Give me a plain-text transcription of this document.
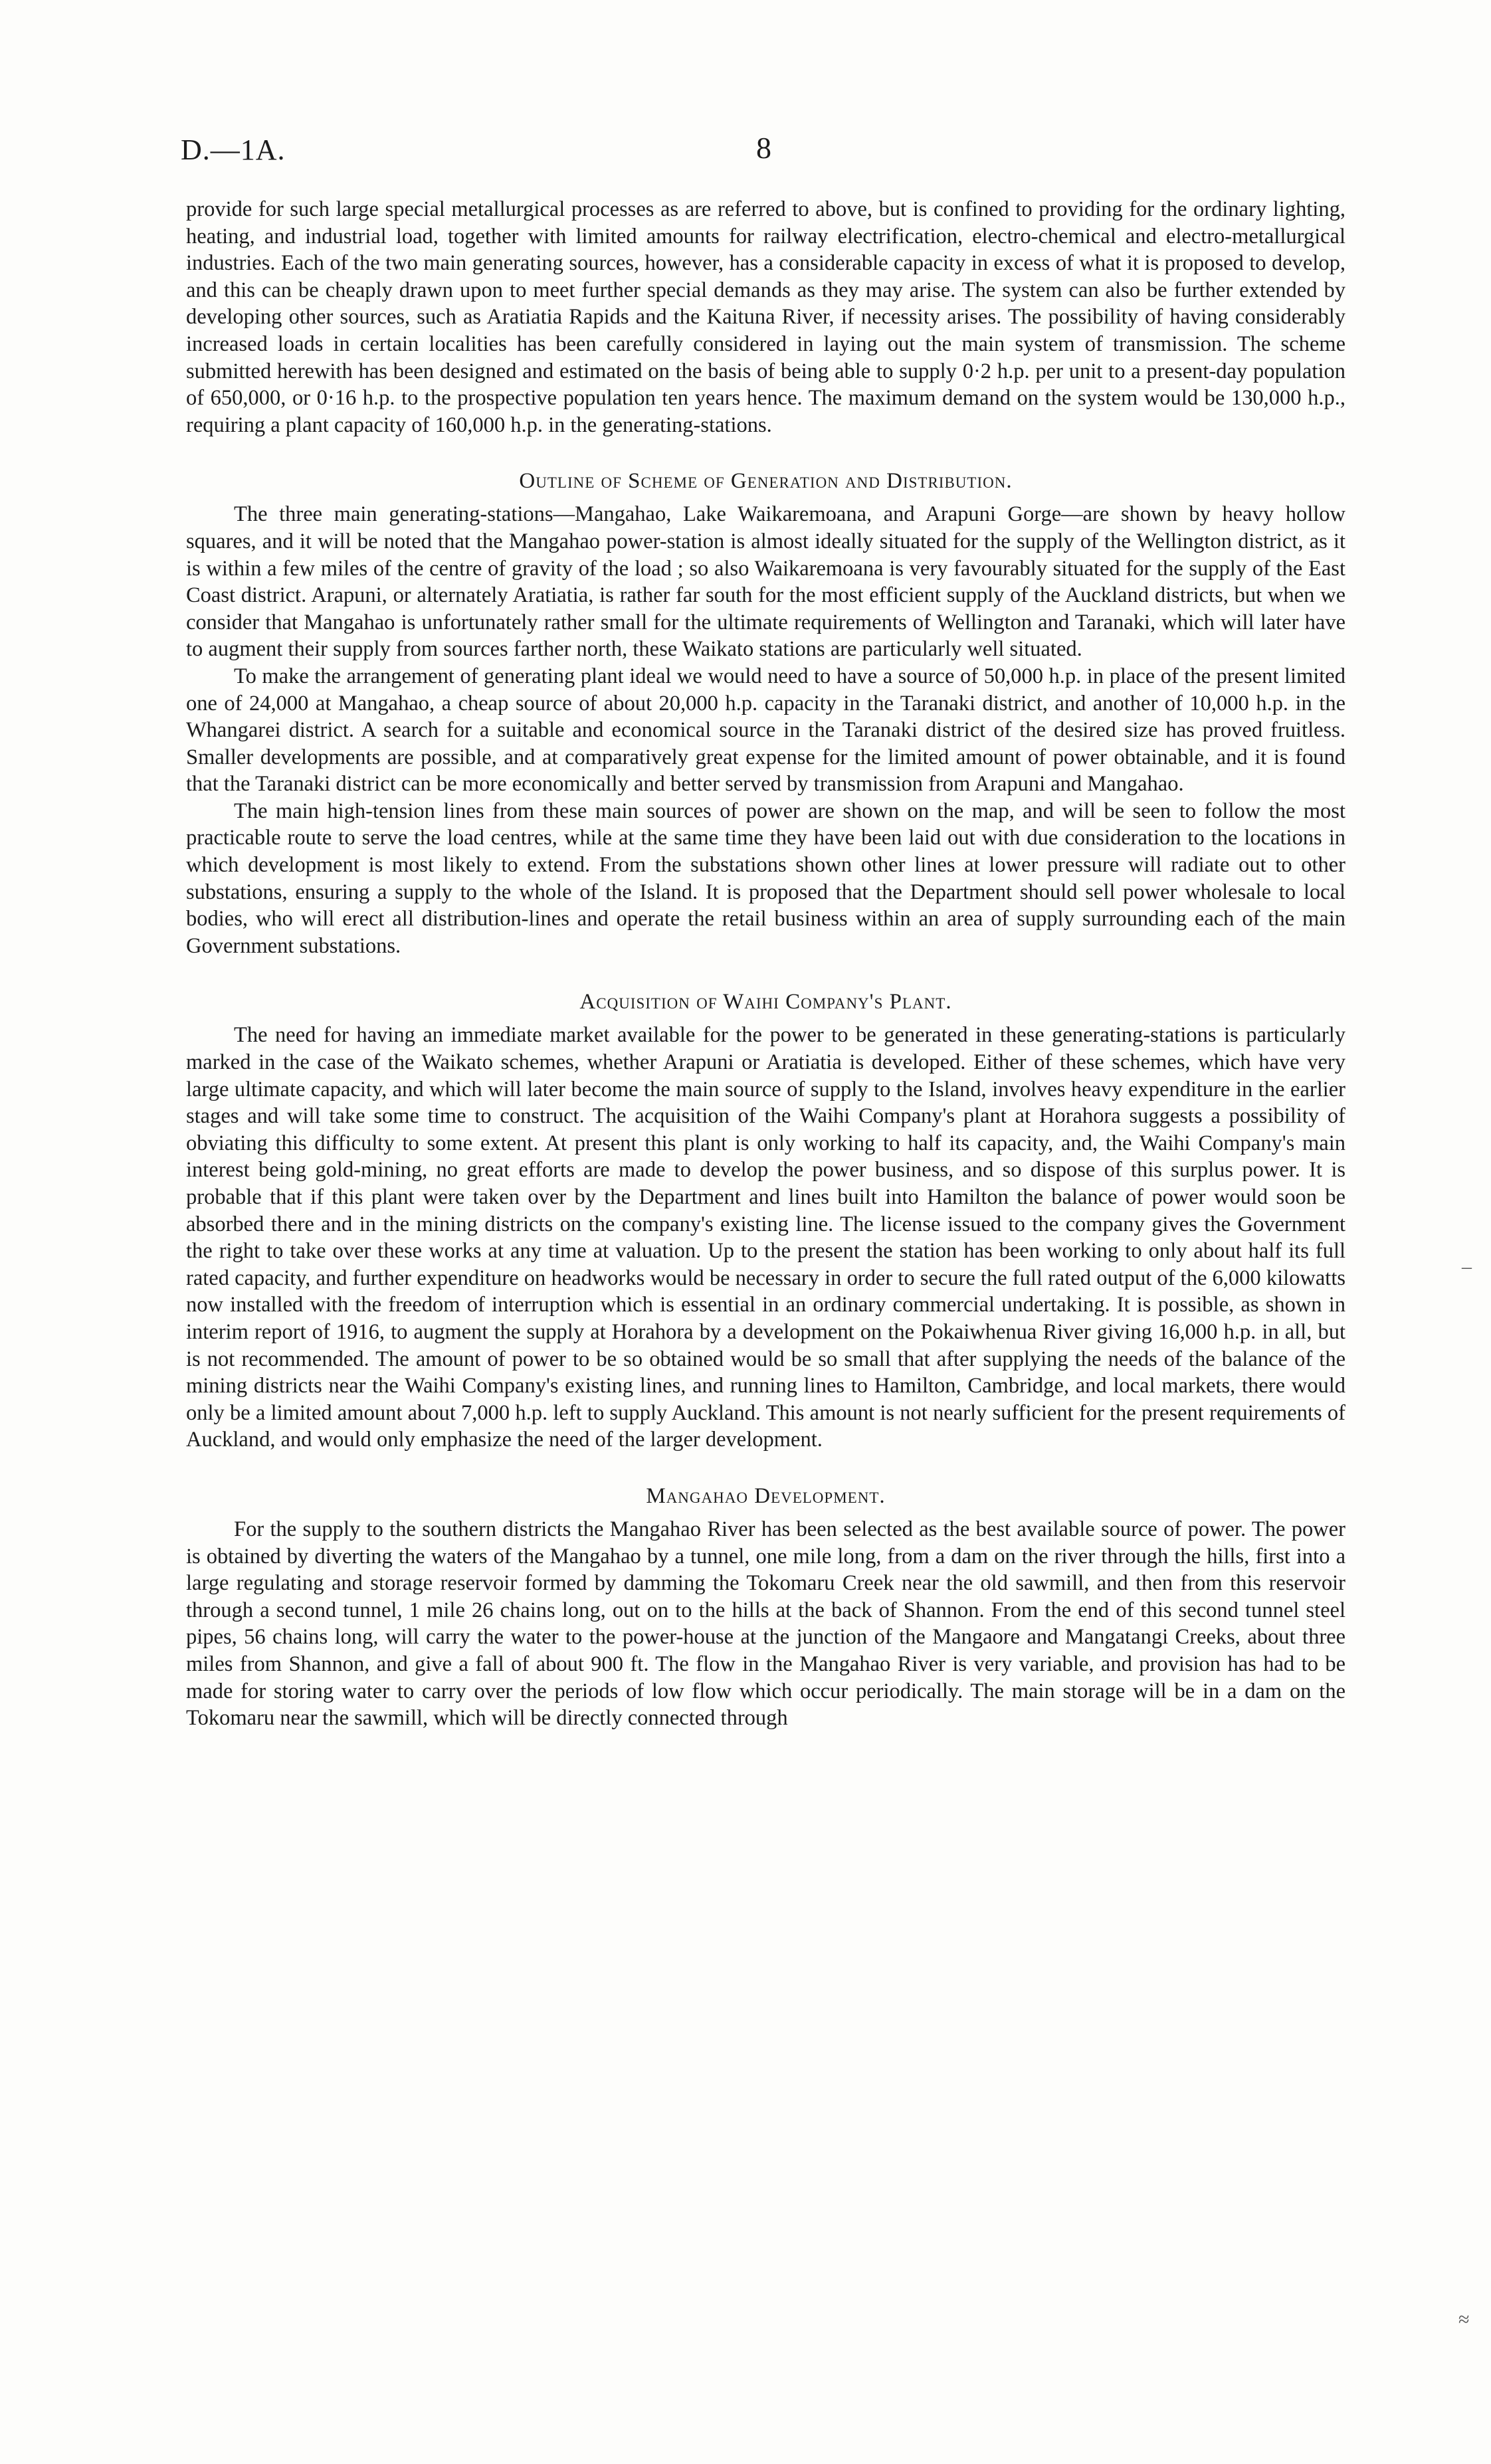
D.—1A.	8

provide for such large special metallurgical processes as are referred to above, but is confined to providing for the ordinary lighting, heating, and industrial load, together with limited amounts for railway electrification, electro-chemical and electro-metallurgical industries. Each of the two main generating sources, however, has a considerable capacity in excess of what it is proposed to develop, and this can be cheaply drawn upon to meet further special demands as they may arise. The system can also be further extended by developing other sources, such as Aratiatia Rapids and the Kaituna River, if necessity arises. The possibility of having considerably increased loads in certain localities has been carefully considered in laying out the main system of transmission. The scheme submitted herewith has been designed and estimated on the basis of being able to supply 0·2 h.p. per unit to a present-day population of 650,000, or 0·16 h.p. to the prospective population ten years hence. The maximum demand on the system would be 130,000 h.p., requiring a plant capacity of 160,000 h.p. in the generating-stations.

Outline of Scheme of Generation and Distribution.

The three main generating-stations—Mangahao, Lake Waikaremoana, and Arapuni Gorge—are shown by heavy hollow squares, and it will be noted that the Mangahao power-station is almost ideally situated for the supply of the Wellington district, as it is within a few miles of the centre of gravity of the load ; so also Waikaremoana is very favourably situated for the supply of the East Coast district. Arapuni, or alternately Aratiatia, is rather far south for the most efficient supply of the Auckland districts, but when we consider that Mangahao is unfortunately rather small for the ultimate requirements of Wellington and Taranaki, which will later have to augment their supply from sources farther north, these Waikato stations are particularly well situated.

To make the arrangement of generating plant ideal we would need to have a source of 50,000 h.p. in place of the present limited one of 24,000 at Mangahao, a cheap source of about 20,000 h.p. capacity in the Taranaki district, and another of 10,000 h.p. in the Whangarei district. A search for a suitable and economical source in the Taranaki district of the desired size has proved fruitless. Smaller developments are possible, and at comparatively great expense for the limited amount of power obtainable, and it is found that the Taranaki district can be more economically and better served by transmission from Arapuni and Mangahao.

The main high-tension lines from these main sources of power are shown on the map, and will be seen to follow the most practicable route to serve the load centres, while at the same time they have been laid out with due consideration to the locations in which development is most likely to extend. From the substations shown other lines at lower pressure will radiate out to other substations, ensuring a supply to the whole of the Island. It is proposed that the Department should sell power wholesale to local bodies, who will erect all distribution-lines and operate the retail business within an area of supply surrounding each of the main Government substations.

Acquisition of Waihi Company's Plant.

The need for having an immediate market available for the power to be generated in these generating-stations is particularly marked in the case of the Waikato schemes, whether Arapuni or Aratiatia is developed. Either of these schemes, which have very large ultimate capacity, and which will later become the main source of supply to the Island, involves heavy expenditure in the earlier stages and will take some time to construct. The acquisition of the Waihi Company's plant at Horahora suggests a possibility of obviating this difficulty to some extent. At present this plant is only working to half its capacity, and, the Waihi Company's main interest being gold-mining, no great efforts are made to develop the power business, and so dispose of this surplus power. It is probable that if this plant were taken over by the Department and lines built into Hamilton the balance of power would soon be absorbed there and in the mining districts on the company's existing line. The license issued to the company gives the Government the right to take over these works at any time at valuation. Up to the present the station has been working to only about half its full rated capacity, and further expenditure on headworks would be necessary in order to secure the full rated output of the 6,000 kilowatts now installed with the freedom of interruption which is essential in an ordinary commercial undertaking. It is possible, as shown in interim report of 1916, to augment the supply at Horahora by a development on the Pokaiwhenua River giving 16,000 h.p. in all, but is not recommended. The amount of power to be so obtained would be so small that after supplying the needs of the balance of the mining districts near the Waihi Company's existing lines, and running lines to Hamilton, Cambridge, and local markets, there would only be a limited amount about 7,000 h.p. left to supply Auckland. This amount is not nearly sufficient for the present requirements of Auckland, and would only emphasize the need of the larger development.

Mangahao Development.

For the supply to the southern districts the Mangahao River has been selected as the best available source of power. The power is obtained by diverting the waters of the Mangahao by a tunnel, one mile long, from a dam on the river through the hills, first into a large regulating and storage reservoir formed by damming the Tokomaru Creek near the old sawmill, and then from this reservoir through a second tunnel, 1 mile 26 chains long, out on to the hills at the back of Shannon. From the end of this second tunnel steel pipes, 56 chains long, will carry the water to the power-house at the junction of the Mangaore and Mangatangi Creeks, about three miles from Shannon, and give a fall of about 900 ft. The flow in the Mangahao River is very variable, and provision has had to be made for storing water to carry over the periods of low flow which occur periodically. The main storage will be in a dam on the Tokomaru near the sawmill, which will be directly connected through

–
≈
